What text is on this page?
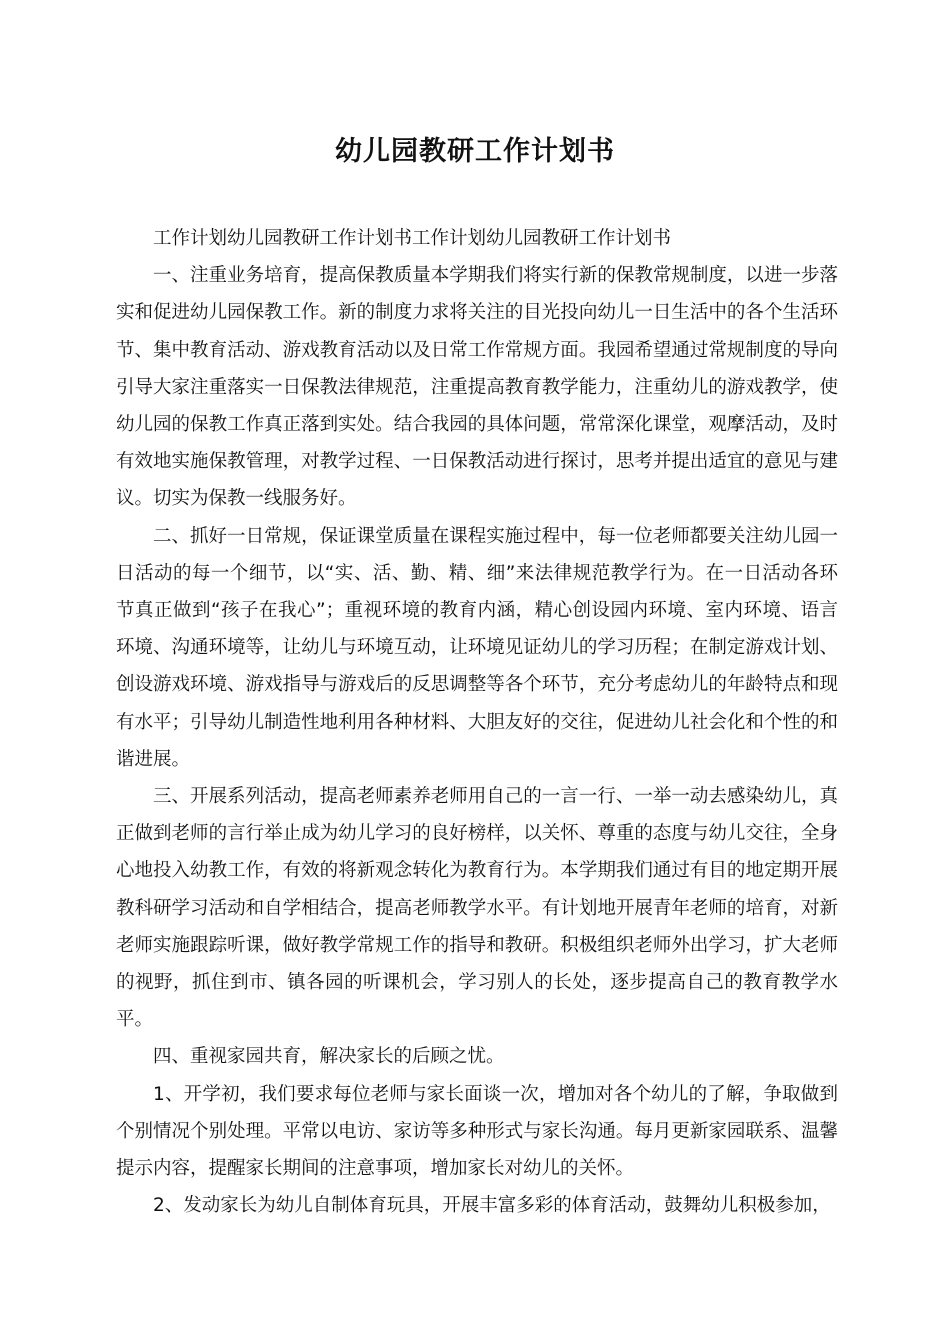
幼儿园教研工作计划书

工作计划幼儿园教研工作计划书工作计划幼儿园教研工作计划书

一、注重业务培育，提高保教质量本学期我们将实行新的保教常规制度，以进一步落实和促进幼儿园保教工作。新的制度力求将关注的目光投向幼儿一日生活中的各个生活环节、集中教育活动、游戏教育活动以及日常工作常规方面。我园希望通过常规制度的导向引导大家注重落实一日保教法律规范，注重提高教育教学能力，注重幼儿的游戏教学，使幼儿园的保教工作真正落到实处。结合我园的具体问题，常常深化课堂，观摩活动，及时有效地实施保教管理，对教学过程、一日保教活动进行探讨，思考并提出适宜的意见与建议。切实为保教一线服务好。

二、抓好一日常规，保证课堂质量在课程实施过程中，每一位老师都要关注幼儿园一日活动的每一个细节，以“实、活、勤、精、细”来法律规范教学行为。在一日活动各环节真正做到“孩子在我心”；重视环境的教育内涵，精心创设园内环境、室内环境、语言环境、沟通环境等，让幼儿与环境互动，让环境见证幼儿的学习历程；在制定游戏计划、创设游戏环境、游戏指导与游戏后的反思调整等各个环节，充分考虑幼儿的年龄特点和现有水平；引导幼儿制造性地利用各种材料、大胆友好的交往，促进幼儿社会化和个性的和谐进展。

三、开展系列活动，提高老师素养老师用自己的一言一行、一举一动去感染幼儿，真正做到老师的言行举止成为幼儿学习的良好榜样，以关怀、尊重的态度与幼儿交往，全身心地投入幼教工作，有效的将新观念转化为教育行为。本学期我们通过有目的地定期开展教科研学习活动和自学相结合，提高老师教学水平。有计划地开展青年老师的培育，对新老师实施跟踪听课，做好教学常规工作的指导和教研。积极组织老师外出学习，扩大老师的视野，抓住到市、镇各园的听课机会，学习别人的长处，逐步提高自己的教育教学水平。

四、重视家园共育，解决家长的后顾之忧。

1、开学初，我们要求每位老师与家长面谈一次，增加对各个幼儿的了解，争取做到个别情况个别处理。平常以电访、家访等多种形式与家长沟通。每月更新家园联系、温馨提示内容，提醒家长期间的注意事项，增加家长对幼儿的关怀。

2、发动家长为幼儿自制体育玩具，开展丰富多彩的体育活动，鼓舞幼儿积极参加，
